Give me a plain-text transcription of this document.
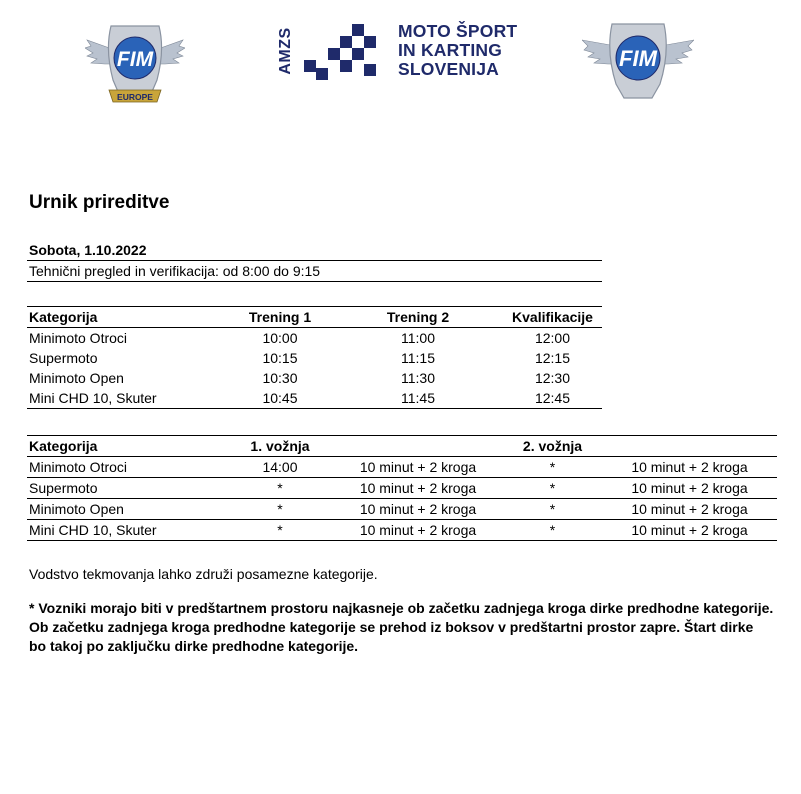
FIM
EUROPE
AMZS	MOTO ŠPORT
IN KARTING
SLOVENIJA	FIM
Urnik prireditve
Sobota, 1.10.2022
Tehnični pregled in verifikacija: od 8:00 do 9:15
Kategorija	Trening 1	Trening 2	Kvalifikacije
Minimoto Otroci	10:00	11:00	12:00
Supermoto	10:15	11:15	12:15
Minimoto Open	10:30	11:30	12:30
Mini CHD 10, Skuter	10:45	11:45	12:45
Kategorija	1. vožnja		2. vožnja	
Minimoto Otroci	14:00	10 minut + 2 kroga	*	10 minut + 2 kroga
Supermoto	*	10 minut + 2 kroga	*	10 minut + 2 kroga
Minimoto Open	*	10 minut + 2 kroga	*	10 minut + 2 kroga
Mini CHD 10, Skuter	*	10 minut + 2 kroga	*	10 minut + 2 kroga
Vodstvo tekmovanja lahko združi posamezne kategorije.
* Vozniki morajo biti v predštartnem prostoru najkasneje ob začetku zadnjega kroga dirke predhodne kategorije. Ob začetku zadnjega kroga predhodne kategorije se prehod iz boksov v predštartni prostor zapre. Štart dirke bo takoj po zaključku dirke predhodne kategorije.
